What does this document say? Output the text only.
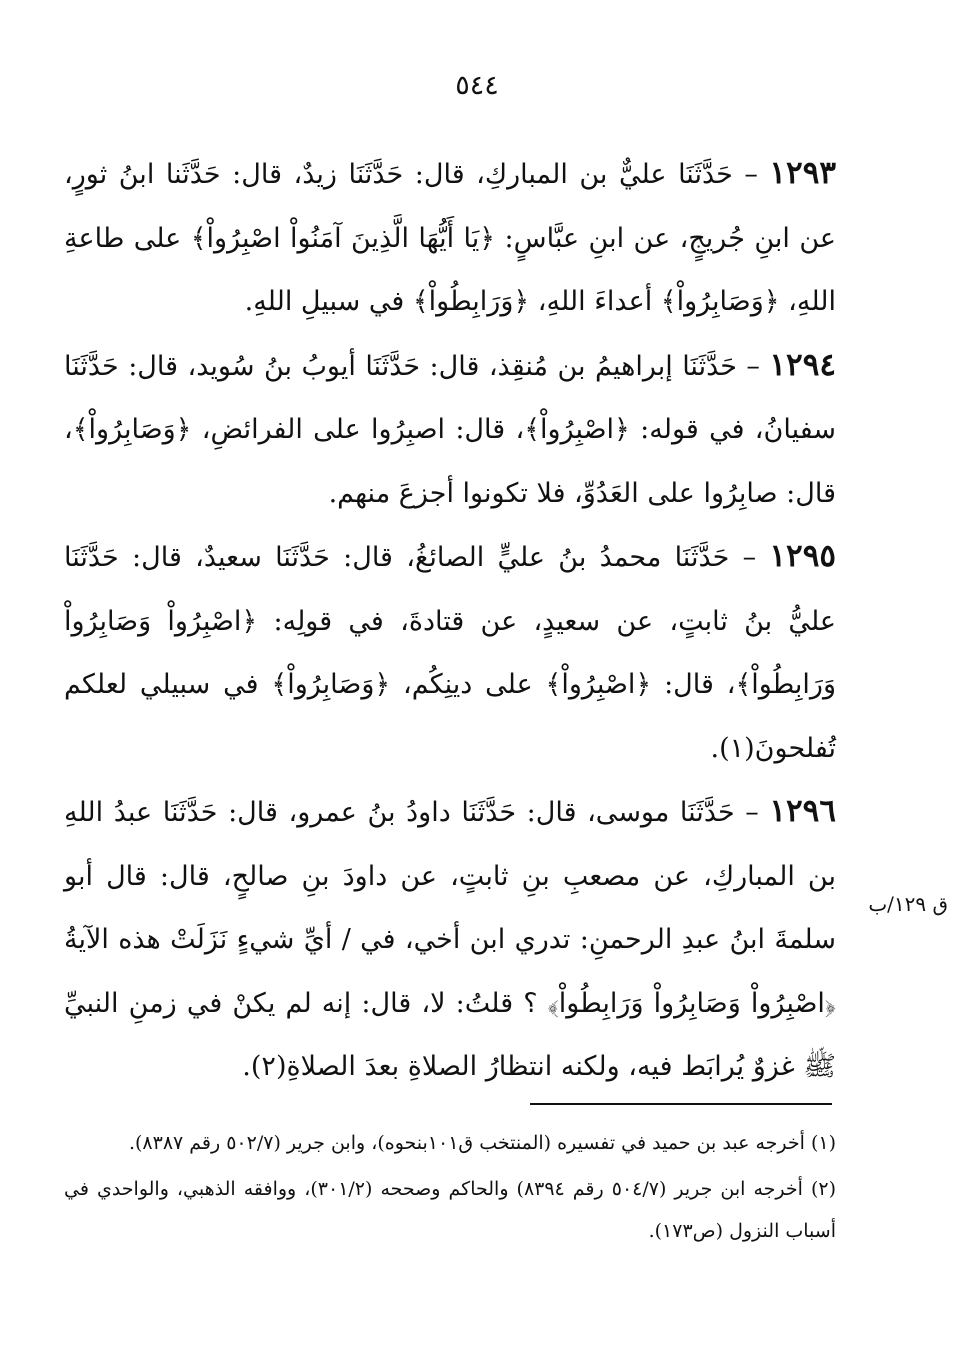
٥٤٤

١٢٩٣ – حَدَّثَنَا عليٌّ بن المباركِ، قال: حَدَّثَنَا زيدٌ، قال: حَدَّثَنا ابنُ ثورٍ، عن ابنِ جُريجٍ، عن ابنِ عبَّاسٍ: ﴿يَا أَيُّهَا الَّذِينَ آمَنُواْ اصْبِرُواْ﴾ على طاعةِ اللهِ، ﴿وَصَابِرُواْ﴾ أعداءَ اللهِ، ﴿وَرَابِطُواْ﴾ في سبيلِ اللهِ.

١٢٩٤ – حَدَّثَنَا إبراهيمُ بن مُنقِذ، قال: حَدَّثَنَا أيوبُ بنُ سُويد، قال: حَدَّثَنَا سفيانُ، في قوله: ﴿اصْبِرُواْ﴾، قال: اصبِرُوا على الفرائضِ، ﴿وَصَابِرُواْ﴾، قال: صابِرُوا على العَدُوِّ، فلا تكونوا أجزعَ منهم.

١٢٩٥ – حَدَّثَنَا محمدُ بنُ عليٍّ الصائغُ، قال: حَدَّثَنَا سعيدٌ، قال: حَدَّثَنَا عليُّ بنُ ثابتٍ، عن سعيدٍ، عن قتادةَ، في قولِه: ﴿اصْبِرُواْ وَصَابِرُواْ وَرَابِطُواْ﴾، قال: ﴿اصْبِرُواْ﴾ على دينِكُم، ﴿وَصَابِرُواْ﴾ في سبيلي لعلكم تُفلحونَ(١).

١٢٩٦ – حَدَّثَنَا موسى، قال: حَدَّثَنَا داودُ بنُ عمرو، قال: حَدَّثَنَا عبدُ اللهِ بن المباركِ، عن مصعبِ بنِ ثابتٍ، عن داودَ بنِ صالحٍ، قال: قال أبو سلمةَ ابنُ عبدِ الرحمنِ: تدري ابن أخي، في / أيِّ شيءٍ نَزَلَتْ هذه الآيةُ ﴿اصْبِرُواْ وَصَابِرُواْ وَرَابِطُواْ﴾ ؟ قلتُ: لا، قال: إنه لم يكنْ في زمنِ النبيِّ ﷺ غزوٌ يُرابَط فيه، ولكنه انتظارُ الصلاةِ بعدَ الصلاةِ(٢).

ق ١٢٩/ب

(١) أخرجه عبد بن حميد في تفسيره (المنتخب ق١٠١بنحوه)، وابن جرير (٥٠٢/٧ رقم ٨٣٨٧).

(٢) أخرجه ابن جرير (٥٠٤/٧ رقم ٨٣٩٤) والحاكم وصححه (٣٠١/٢)، ووافقه الذهبي، والواحدي في أسباب النزول (ص١٧٣).
